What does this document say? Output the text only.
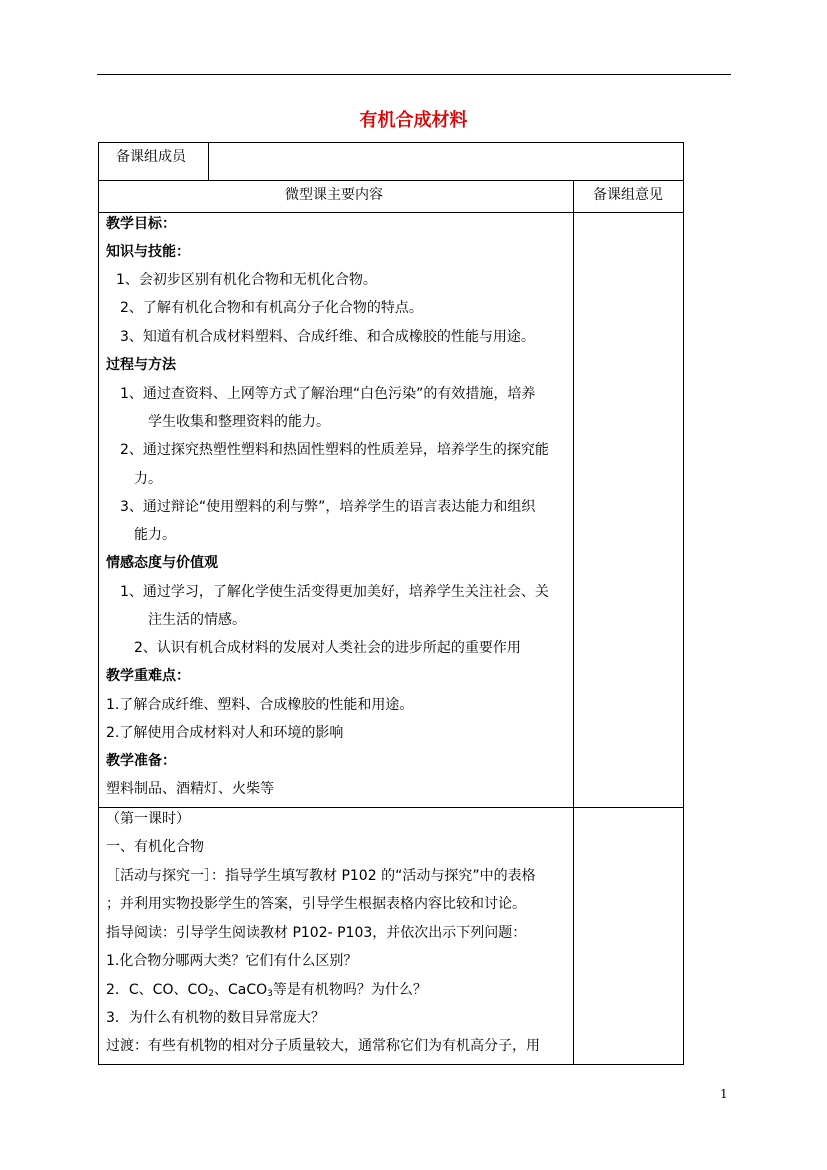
有机合成材料
备课组成员
微型课主要内容	备课组意见
教学目标：
知识与技能：
1、会初步区别有机化合物和无机化合物。
2、了解有机化合物和有机高分子化合物的特点。
3、知道有机合成材料塑料、合成纤维、和合成橡胶的性能与用途。
过程与方法
1、通过查资料、上网等方式了解治理“白色污染”的有效措施，培养
学生收集和整理资料的能力。
2、通过探究热塑性塑料和热固性塑料的性质差异，培养学生的探究能
力。
3、通过辩论“使用塑料的利与弊”，培养学生的语言表达能力和组织
能力。
情感态度与价值观
1、通过学习，了解化学使生活变得更加美好，培养学生关注社会、关
注生活的情感。
2、认识有机合成材料的发展对人类社会的进步所起的重要作用
教学重难点：
1.了解合成纤维、塑料、合成橡胶的性能和用途。
2.了解使用合成材料对人和环境的影响
教学准备：
塑料制品、酒精灯、火柴等
（第一课时）
一、有机化合物
［活动与探究一］：指导学生填写教材 P102 的“活动与探究”中的表格
；并利用实物投影学生的答案，引导学生根据表格内容比较和讨论。
指导阅读：引导学生阅读教材 P102- P103，并依次出示下列问题：
1.化合物分哪两大类？它们有什么区别？
2．C、CO、$CO_2$、CaCO$_3$等是有机物吗？为什么？
3．为什么有机物的数目异常庞大？
过渡：有些有机物的相对分子质量较大，通常称它们为有机高分子，用
1
